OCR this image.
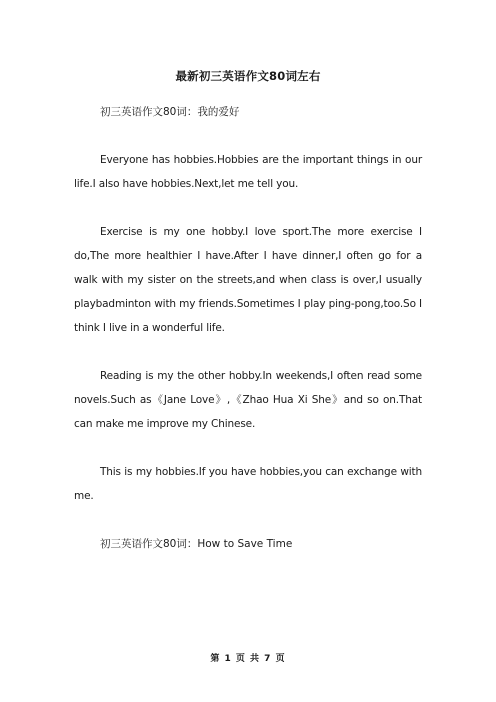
最新初三英语作文80词左右

初三英语作文80词：我的爱好

Everyone has hobbies.Hobbies are the important things in our life.I also have hobbies.Next,let me tell you.

Exercise is my one hobby.I love sport.The more exercise I do,The more healthier I have.After I have dinner,I often go for a walk with my sister on the streets,and when class is over,I usually playbadminton with my friends.Sometimes I play ping-pong,too.So I think I live in a wonderful life.

Reading is my the other hobby.In weekends,I often read some novels.Such as《Jane Love》,《Zhao Hua Xi She》and so on.That can make me improve my Chinese.

This is my hobbies.If you have hobbies,you can exchange with me.

初三英语作文80词：How to Save Time

第 1 页 共 7 页
